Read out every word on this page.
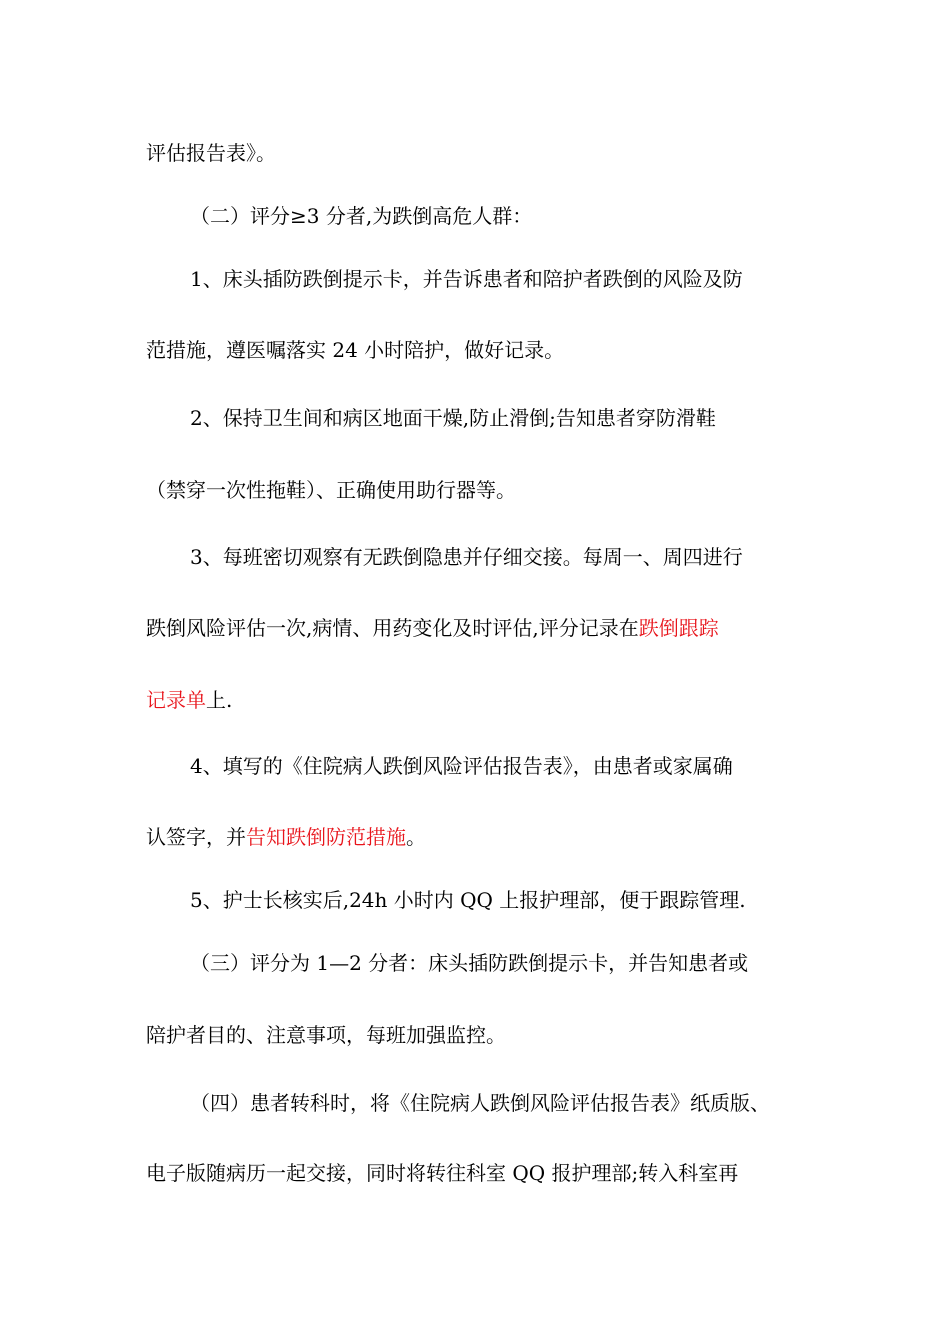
评估报告表》。
（二）评分≥3 分者,为跌倒高危人群：
1、床头插防跌倒提示卡，并告诉患者和陪护者跌倒的风险及防
范措施，遵医嘱落实 24 小时陪护，做好记录。
2、保持卫生间和病区地面干燥,防止滑倒;告知患者穿防滑鞋
（禁穿一次性拖鞋）、正确使用助行器等。
3、每班密切观察有无跌倒隐患并仔细交接。每周一、周四进行
跌倒风险评估一次,病情、用药变化及时评估,评分记录在跌倒跟踪
记录单上.
4、填写的《住院病人跌倒风险评估报告表》，由患者或家属确
认签字，并告知跌倒防范措施。
5、护士长核实后,24h 小时内 QQ 上报护理部，便于跟踪管理.
（三）评分为 1—2 分者：床头插防跌倒提示卡，并告知患者或
陪护者目的、注意事项，每班加强监控。
（四）患者转科时，将《住院病人跌倒风险评估报告表》纸质版、
电子版随病历一起交接，同时将转往科室 QQ 报护理部;转入科室再
